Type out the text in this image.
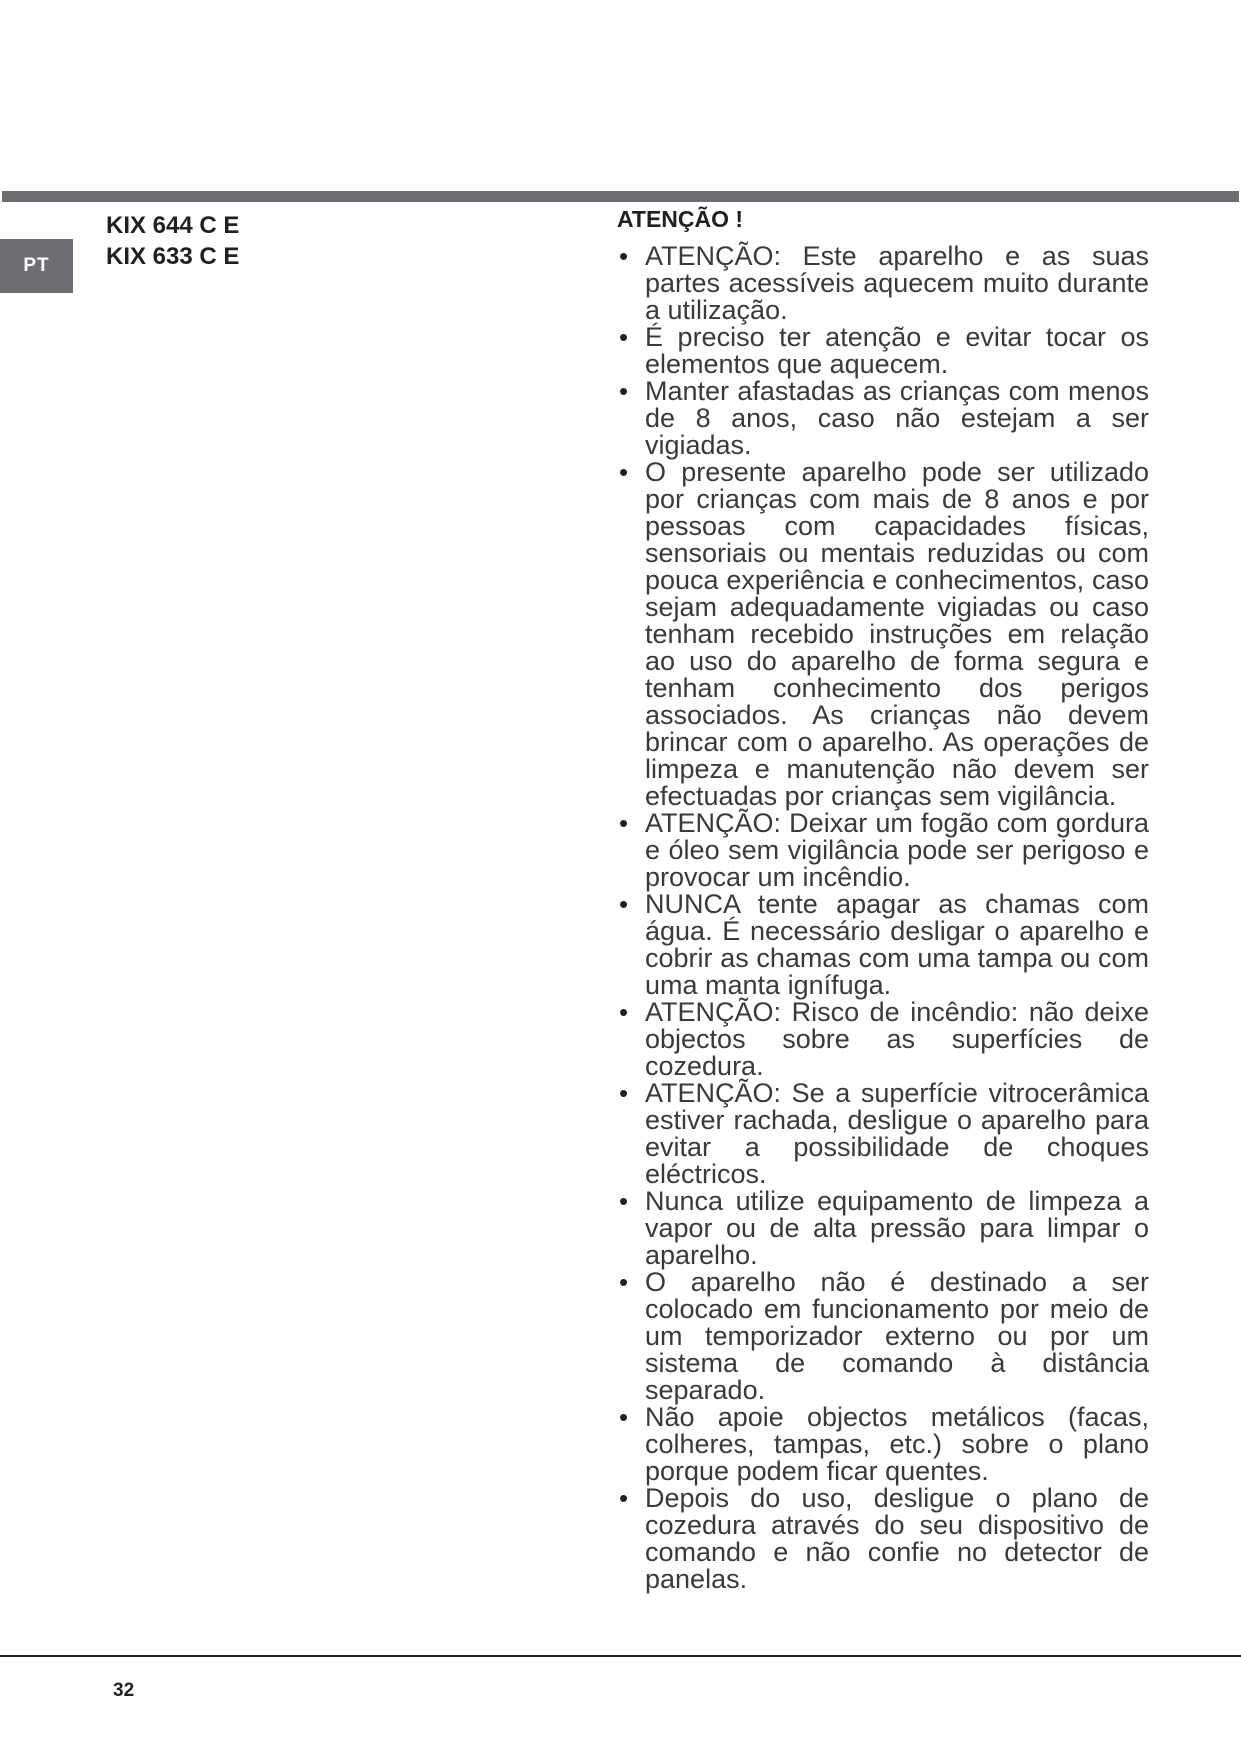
PT
KIX 644 C E
KIX 633 C E
ATENÇÃO !
• ATENÇÃO: Este aparelho e as suas partes acessíveis aquecem muito durante a utilização.
• É preciso ter atenção e evitar tocar os elementos que aquecem.
• Manter afastadas as crianças com menos de 8 anos, caso não estejam a ser vigiadas.
• O presente aparelho pode ser utilizado por crianças com mais de 8 anos e por pessoas com capacidades físicas, sensoriais ou mentais reduzidas ou com pouca experiência e conhecimentos, caso sejam adequadamente vigiadas ou caso tenham recebido instruções em relação ao uso do aparelho de forma segura e tenham conhecimento dos perigos associados. As crianças não devem brincar com o aparelho. As operações de limpeza e manutenção não devem ser efectuadas por crianças sem vigilância.
• ATENÇÃO: Deixar um fogão com gordura e óleo sem vigilância pode ser perigoso e provocar um incêndio.
• NUNCA tente apagar as chamas com água. É necessário desligar o aparelho e cobrir as chamas com uma tampa ou com uma manta ignífuga.
• ATENÇÃO: Risco de incêndio: não deixe objectos sobre as superfícies de cozedura.
• ATENÇÃO: Se a superfície vitrocerâmica estiver rachada, desligue o aparelho para evitar a possibilidade de choques eléctricos.
• Nunca utilize equipamento de limpeza a vapor ou de alta pressão para limpar o aparelho.
• O aparelho não é destinado a ser colocado em funcionamento por meio de um temporizador externo ou por um sistema de comando à distância separado.
• Não apoie objectos metálicos (facas, colheres, tampas, etc.) sobre o plano porque podem ficar quentes.
• Depois do uso, desligue o plano de cozedura através do seu dispositivo de comando e não confie no detector de panelas.
32
